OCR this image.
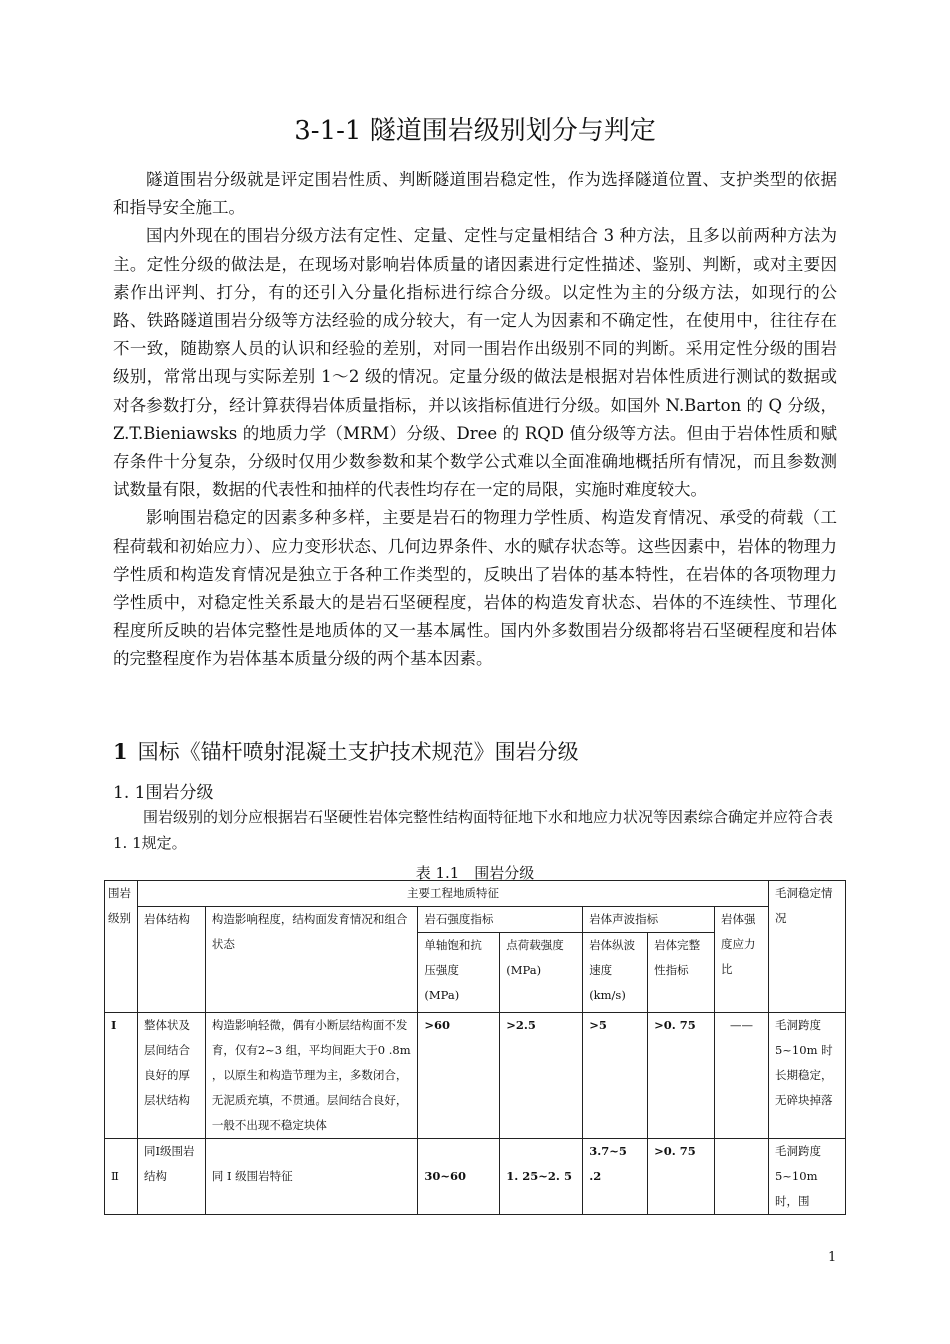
3-1-1 隧道围岩级别划分与判定

隧道围岩分级就是评定围岩性质、判断隧道围岩稳定性，作为选择隧道位置、支护类型的依据和指导安全施工。

国内外现在的围岩分级方法有定性、定量、定性与定量相结合 3 种方法，且多以前两种方法为主。定性分级的做法是，在现场对影响岩体质量的诸因素进行定性描述、鉴别、判断，或对主要因素作出评判、打分，有的还引入分量化指标进行综合分级。以定性为主的分级方法，如现行的公路、铁路隧道围岩分级等方法经验的成分较大，有一定人为因素和不确定性，在使用中，往往存在不一致，随勘察人员的认识和经验的差别，对同一围岩作出级别不同的判断。采用定性分级的围岩级别，常常出现与实际差别 1～2 级的情况。定量分级的做法是根据对岩体性质进行测试的数据或对各参数打分，经计算获得岩体质量指标，并以该指标值进行分级。如国外 N.Barton 的 Q 分级，Z.T.Bieniawsks 的地质力学（MRM）分级、Dree 的 RQD 值分级等方法。但由于岩体性质和赋存条件十分复杂，分级时仅用少数参数和某个数学公式难以全面准确地概括所有情况，而且参数测试数量有限，数据的代表性和抽样的代表性均存在一定的局限，实施时难度较大。

影响围岩稳定的因素多种多样，主要是岩石的物理力学性质、构造发育情况、承受的荷载（工程荷载和初始应力）、应力变形状态、几何边界条件、水的赋存状态等。这些因素中，岩体的物理力学性质和构造发育情况是独立于各种工作类型的，反映出了岩体的基本特性，在岩体的各项物理力学性质中，对稳定性关系最大的是岩石坚硬程度，岩体的构造发育状态、岩体的不连续性、节理化程度所反映的岩体完整性是地质体的又一基本属性。国内外多数围岩分级都将岩石坚硬程度和岩体的完整程度作为岩体基本质量分级的两个基本因素。

1 国标《锚杆喷射混凝土支护技术规范》围岩分级
1. 1围岩分级
围岩级别的划分应根据岩石坚硬性岩体完整性结构面特征地下水和地应力状况等因素综合确定并应符合表1. 1规定。
表 1.1　围岩分级
围岩级别	主要工程地质特征							毛洞稳定情况
	岩体结构	构造影响程度，结构面发育情况和组合状态	岩石强度指标		岩体声波指标		岩体强度应力比	
			单轴饱和抗压强度(MPa)	点荷载强度(MPa)	岩体纵波速度(km/s)	岩体完整性指标		
I	整体状及层间结合良好的厚层状结构	构造影响轻微，偶有小断层结构面不发育，仅有2~3 组，平均间距大于0 .8m ，以原生和构造节理为主，多数闭合，无泥质充填，不贯通。层间结合良好，一般不出现不稳定块体	>60	>2.5	>5	>0. 75	——	毛洞跨度5~10m 时长期稳定，无碎块掉落
Ⅱ	同I级围岩结构	同 I 级围岩特征	30~60	1. 25~2. 5	3.7~5 .2	>0. 75		毛洞跨度5~10m 时，围
1
